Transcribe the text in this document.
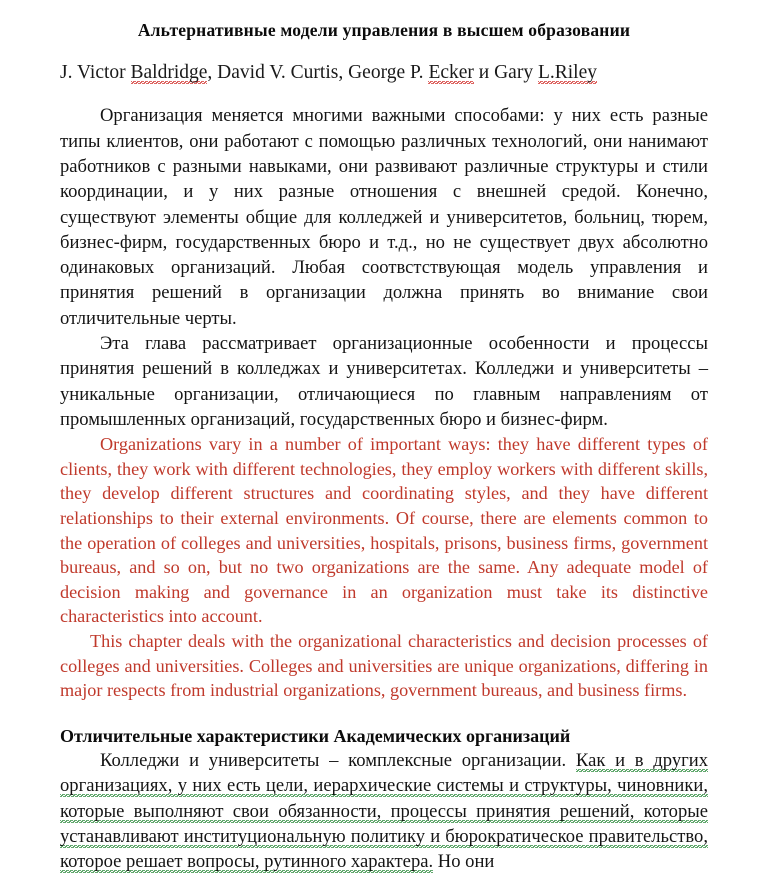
Альтернативные модели управления в высшем образовании
J. Victor Baldridge, David V. Curtis, George P. Ecker и Gary L.Riley

Организация меняется многими важными способами: у них есть разные типы клиентов, они работают с помощью различных технологий, они нанимают работников с разными навыками, они развивают различные структуры и стили координации, и у них разные отношения с внешней средой. Конечно, существуют элементы общие для колледжей и университетов, больниц, тюрем, бизнес-фирм, государственных бюро и т.д., но не существует двух абсолютно одинаковых организаций. Любая соотвстствующая модель управления и принятия решений в организации должна принять во внимание свои отличительные черты.

Эта глава рассматривает организационные особенности и процессы принятия решений в колледжах и университетах. Колледжи и университеты – уникальные организации, отличающиеся по главным направлениям от промышленных организаций, государственных бюро и бизнес-фирм.

Organizations vary in a number of important ways: they have different types of clients, they work with different technologies, they employ workers with different skills, they develop different structures and coordinating styles, and they have different relationships to their external environments. Of course, there are elements common to the operation of colleges and universities, hospitals, prisons, business firms, government bureaus, and so on, but no two organizations are the same. Any adequate model of decision making and governance in an organization must take its distinctive characteristics into account.

This chapter deals with the organizational characteristics and decision processes of colleges and universities. Colleges and universities are unique organizations, differing in major respects from industrial organizations, government bureaus, and business firms.

Отличительные характеристики Академических организаций

Колледжи и университеты – комплексные организации. Как и в других организациях, у них есть цели, иерархические системы и структуры, чиновники, которые выполняют свои обязанности, процессы принятия решений, которые устанавливают институциональную политику и бюрократическое правительство, которое решает вопросы, рутинного характера. Но они
